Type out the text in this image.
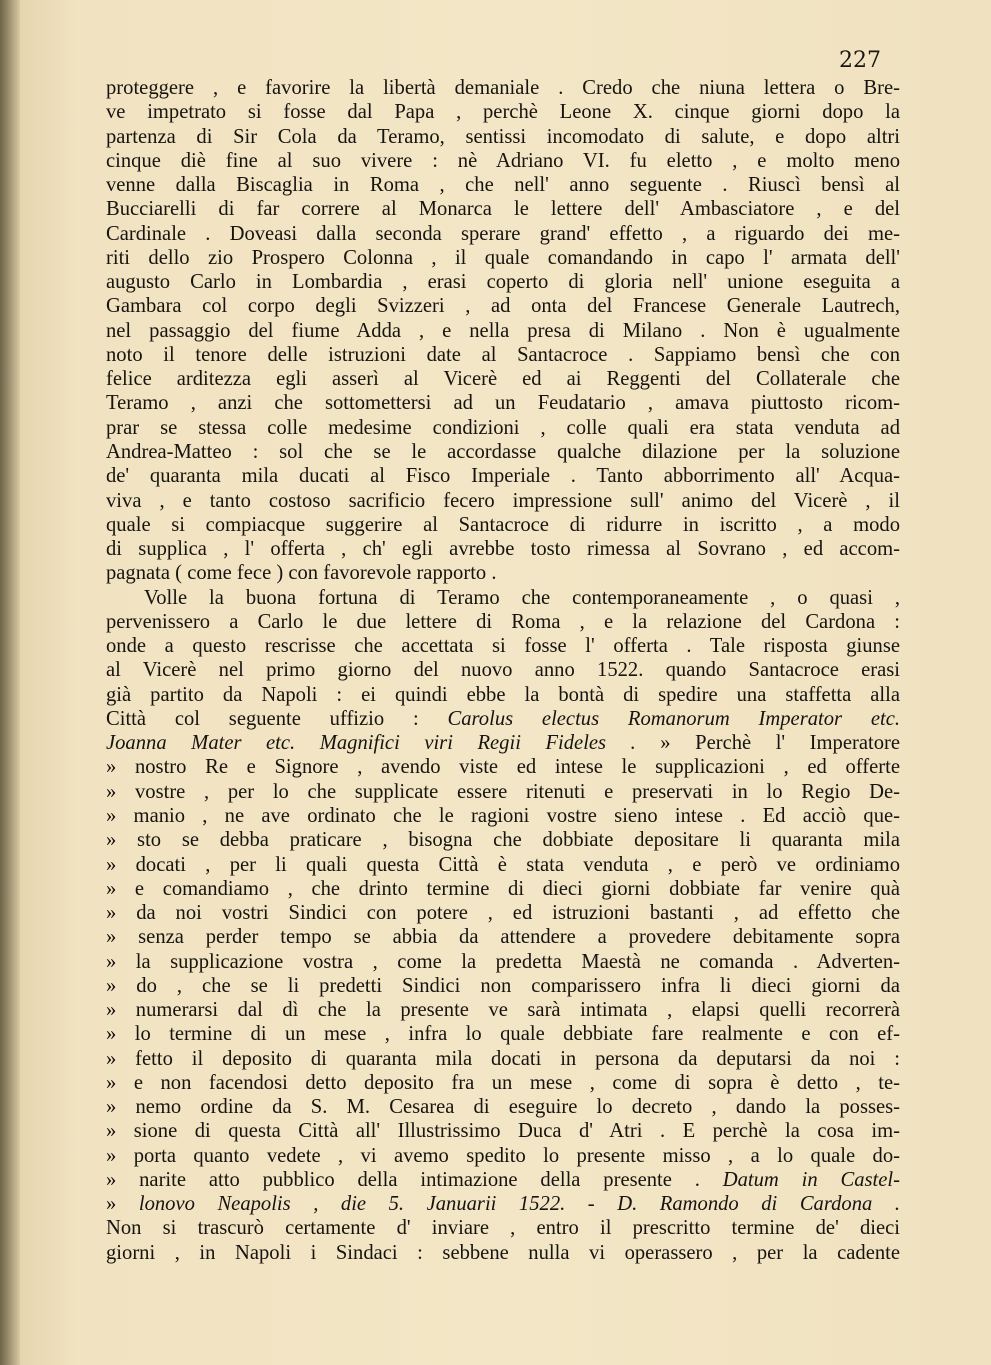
227
proteggere , e favorire la libertà demaniale . Credo che niuna lettera o Bre-
ve impetrato si fosse dal Papa , perchè Leone X. cinque giorni dopo la
partenza di Sir Cola da Teramo, sentissi incomodato di salute, e dopo altri
cinque diè fine al suo vivere : nè Adriano VI. fu eletto , e molto meno
venne dalla Biscaglia in Roma , che nell' anno seguente . Riuscì bensì al
Bucciarelli di far correre al Monarca le lettere dell' Ambasciatore , e del
Cardinale . Doveasi dalla seconda sperare grand' effetto , a riguardo dei me-
riti dello zio Prospero Colonna , il quale comandando in capo l' armata dell'
augusto Carlo in Lombardia , erasi coperto di gloria nell' unione eseguita a
Gambara col corpo degli Svizzeri , ad onta del Francese Generale Lautrech,
nel passaggio del fiume Adda , e nella presa di Milano . Non è ugualmente
noto il tenore delle istruzioni date al Santacroce . Sappiamo bensì che con
felice arditezza egli asserì al Vicerè ed ai Reggenti del Collaterale che
Teramo , anzi che sottomettersi ad un Feudatario , amava piuttosto ricom-
prar se stessa colle medesime condizioni , colle quali era stata venduta ad
Andrea-Matteo : sol che se le accordasse qualche dilazione per la soluzione
de' quaranta mila ducati al Fisco Imperiale . Tanto abborrimento all' Acqua-
viva , e tanto costoso sacrificio fecero impressione sull' animo del Vicerè , il
quale si compiacque suggerire al Santacroce di ridurre in iscritto , a modo
di supplica , l' offerta , ch' egli avrebbe tosto rimessa al Sovrano , ed accom-
pagnata ( come fece ) con favorevole rapporto .
Volle la buona fortuna di Teramo che contemporaneamente , o quasi ,
pervenissero a Carlo le due lettere di Roma , e la relazione del Cardona :
onde a questo rescrisse che accettata si fosse l' offerta . Tale risposta giunse
al Vicerè nel primo giorno del nuovo anno 1522. quando Santacroce erasi
già partito da Napoli : ei quindi ebbe la bontà di spedire una staffetta alla
Città col seguente uffizio : Carolus electus Romanorum Imperator etc.
Joanna Mater etc. Magnifici viri Regii Fideles . » Perchè l' Imperatore
» nostro Re e Signore , avendo viste ed intese le supplicazioni , ed offerte
» vostre , per lo che supplicate essere ritenuti e preservati in lo Regio De-
» manio , ne ave ordinato che le ragioni vostre sieno intese . Ed acciò que-
» sto se debba praticare , bisogna che dobbiate depositare li quaranta mila
» docati , per li quali questa Città è stata venduta , e però ve ordiniamo
» e comandiamo , che drinto termine di dieci giorni dobbiate far venire quà
» da noi vostri Sindici con potere , ed istruzioni bastanti , ad effetto che
» senza perder tempo se abbia da attendere a provedere debitamente sopra
» la supplicazione vostra , come la predetta Maestà ne comanda . Adverten-
» do , che se li predetti Sindici non comparissero infra li dieci giorni da
» numerarsi dal dì che la presente ve sarà intimata , elapsi quelli recorrerà
» lo termine di un mese , infra lo quale debbiate fare realmente e con ef-
» fetto il deposito di quaranta mila docati in persona da deputarsi da noi :
» e non facendosi detto deposito fra un mese , come di sopra è detto , te-
» nemo ordine da S. M. Cesarea di eseguire lo decreto , dando la posses-
» sione di questa Città all' Illustrissimo Duca d' Atri . E perchè la cosa im-
» porta quanto vedete , vi avemo spedito lo presente misso , a lo quale do-
» narite atto pubblico della intimazione della presente . Datum in Castel-
» lonovo Neapolis , die 5. Januarii 1522. - D. Ramondo di Cardona .
Non si trascurò certamente d' inviare , entro il prescritto termine de' dieci
giorni , in Napoli i Sindaci : sebbene nulla vi operassero , per la cadente
